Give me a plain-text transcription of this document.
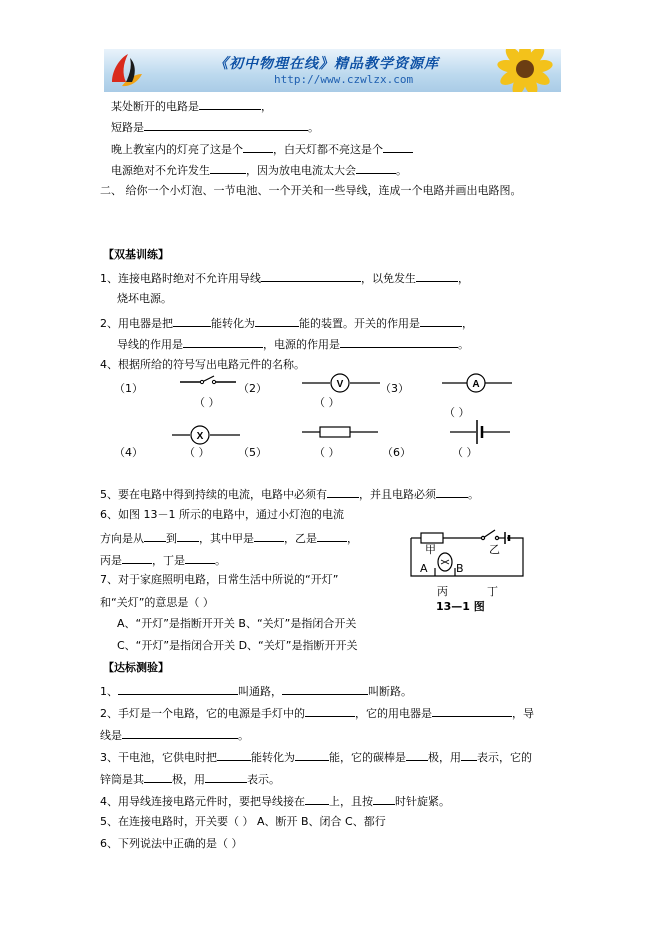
《初中物理在线》精品教学资源库
http://www.czwlzx.com
某处断开的电路是	，
短路是	。
晚上教室内的灯亮了这是个	，白天灯都不亮这是个
电源绝对不允许发生	，因为放电电流太大会	。
二、 给你一个小灯泡、一节电池、一个开关和一些导线，连成一个电路并画出电路图。
【双基训练】
1、连接电路时绝对不允许用导线	，以免发生	，
烧坏电源。
2、用电器是把	能转化为	能的装置。开关的作用是	，
导线的作用是	，电源的作用是	。
4、根据所给的符号写出电路元件的名称。
（1）	（2）
（ ）
V	（3）
（ ）
A
（ ）
（4）
X
（ ）	（5）	（ ）	（6）	（ ）
5、要在电路中得到持续的电流，电路中必须有	，并且电路必须	。
6、如图 13－1 所示的电路中，通过小灯泡的电流
方向是从 到 ，其中甲是	，乙是	，
丙是	，丁是	。
甲	乙
A	B
丙	丁
13—1 图
7、对于家庭照明电路，日常生活中所说的“开灯”
和“关灯”的意思是（ ）
A、“开灯”是指断开开关 B、“关灯”是指闭合开关
C、“开灯”是指闭合开关 D、“关灯”是指断开开关
【达标测验】
1、	叫通路，	叫断路。
2、手灯是一个电路，它的电源是手灯中的	，它的用电器是	，导
线是	。
3、干电池，它供电时把	能转化为	能，它的碳棒是 极，用 表示，它的
锌筒是其	极，用	表示。
4、用导线连接电路元件时，要把导线接在 上，且按 时针旋紧。
5、在连接电路时，开关要（ ） A、断开 B、闭合 C、都行
6、下列说法中正确的是（ ）
